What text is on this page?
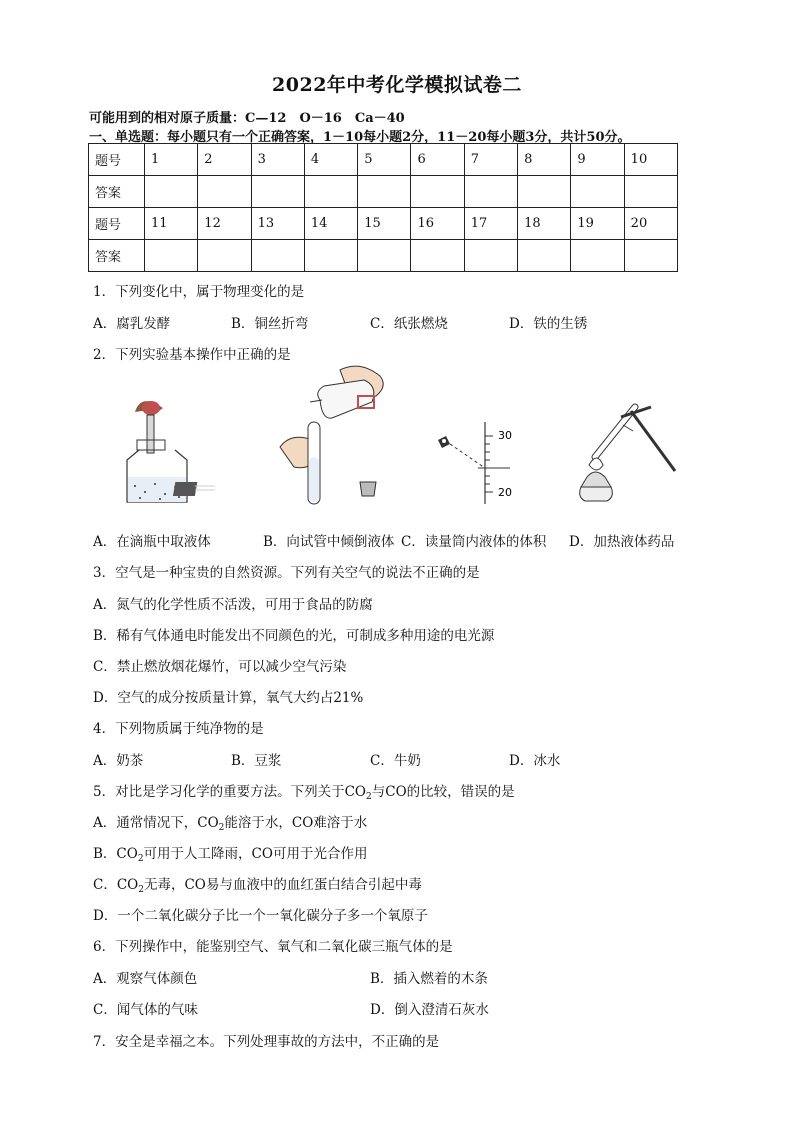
2022年中考化学模拟试卷二
可能用到的相对原子质量：C—12　O－16　Ca－40
一、单选题：每小题只有一个正确答案，1－10每小题2分，11－20每小题3分，共计50分。
题号	1	2	3	4	5	6	7	8	9	10
答案										
题号	11	12	13	14	15	16	17	18	19	20
答案										
1．下列变化中，属于物理变化的是
A．腐乳发酵	B．铜丝折弯	C．纸张燃烧	D．铁的生锈
2．下列实验基本操作中正确的是
30
20
A．在滴瓶中取液体	B．向试管中倾倒液体 C．读量筒内液体的体积 D．加热液体药品
3．空气是一种宝贵的自然资源。下列有关空气的说法不正确的是
A．氮气的化学性质不活泼，可用于食品的防腐
B．稀有气体通电时能发出不同颜色的光，可制成多种用途的电光源
C．禁止燃放烟花爆竹，可以减少空气污染
D．空气的成分按质量计算，氧气大约占21%
4．下列物质属于纯净物的是
A．奶茶	B．豆浆	C．牛奶	D．冰水
5．对比是学习化学的重要方法。下列关于$CO_2$与CO的比较，错误的是
A．通常情况下，$CO_2$能溶于水，CO难溶于水
B．$CO_2$可用于人工降雨，CO可用于光合作用
C．$CO_2$无毒，CO易与血液中的血红蛋白结合引起中毒
D．一个二氧化碳分子比一个一氧化碳分子多一个氧原子
6．下列操作中，能鉴别空气、氧气和二氧化碳三瓶气体的是
A．观察气体颜色	B．插入燃着的木条
C．闻气体的气味	D．倒入澄清石灰水
7．安全是幸福之本。下列处理事故的方法中，不正确的是
